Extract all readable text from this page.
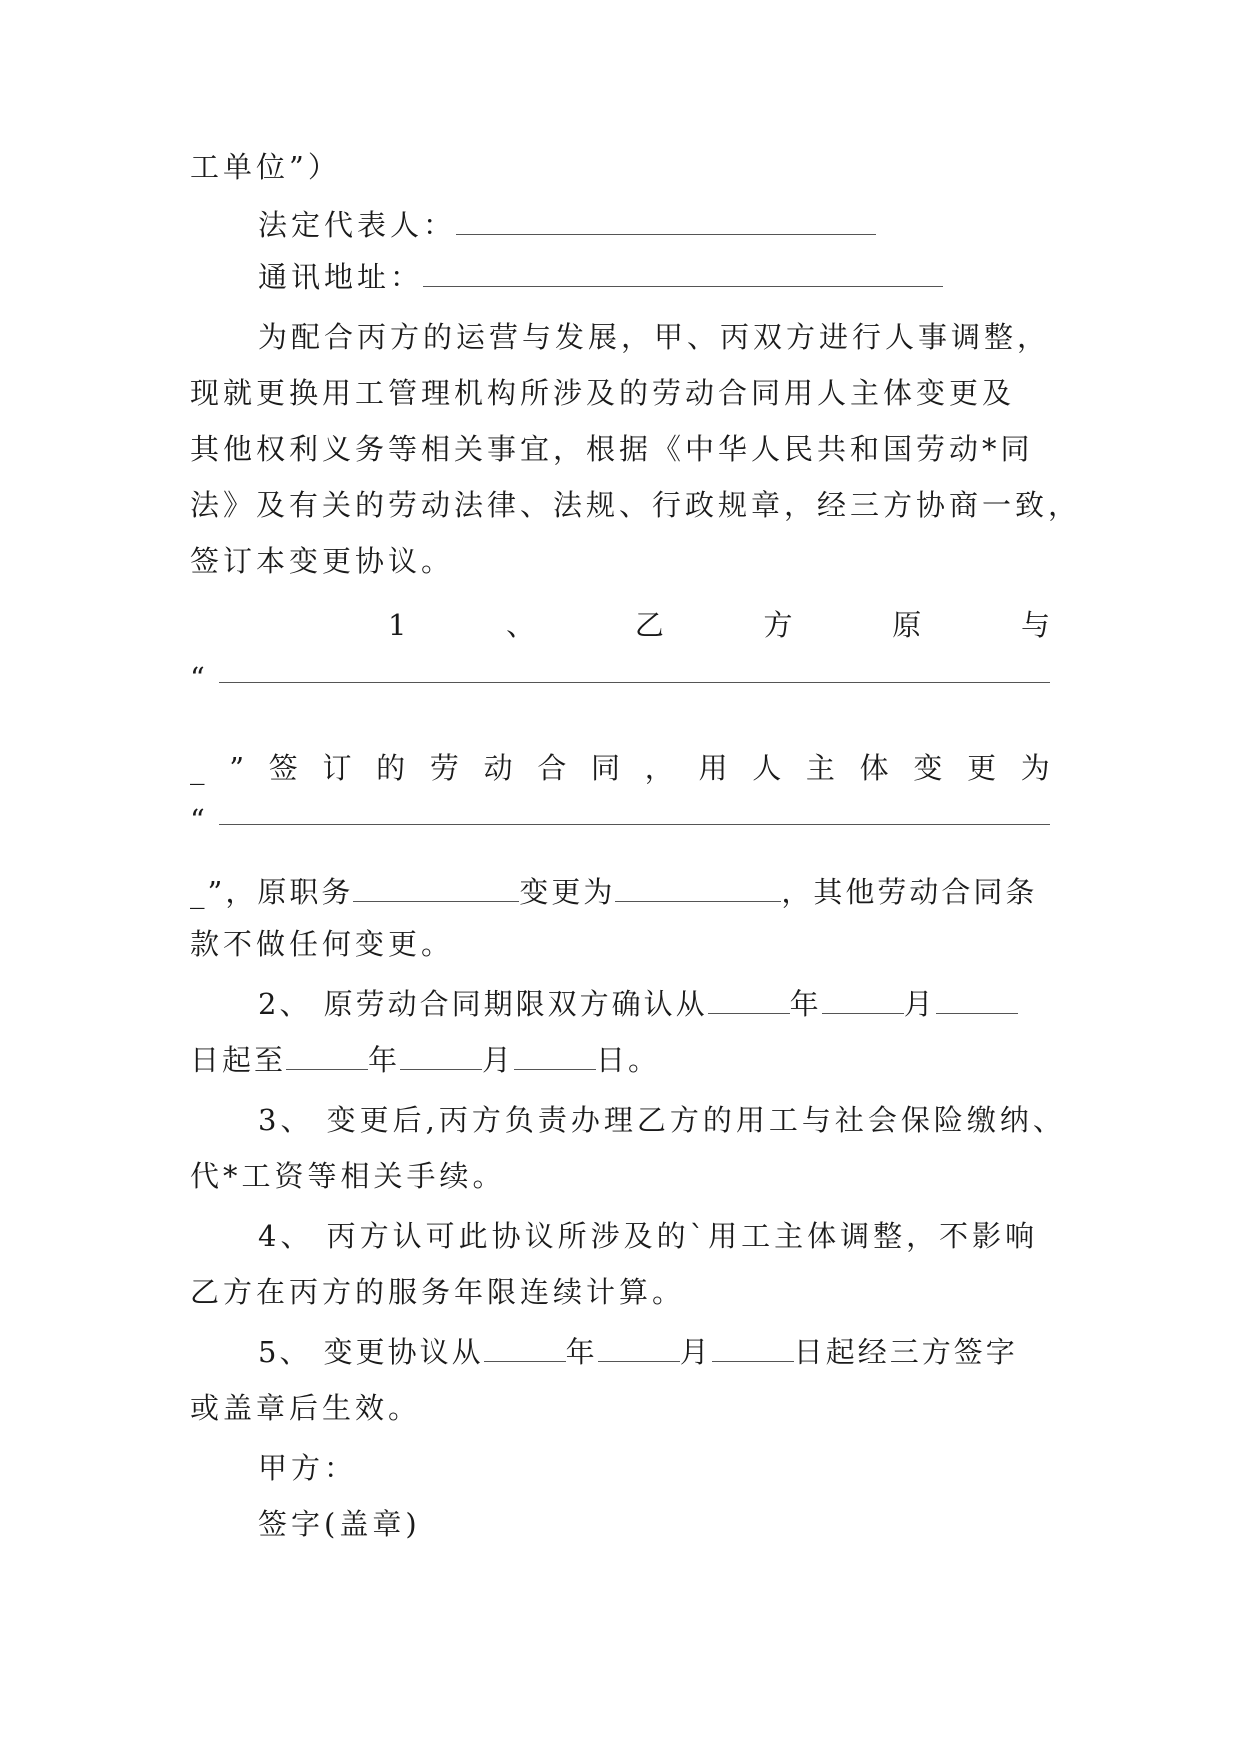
工单位”）
法定代表人：
通讯地址：
为配合丙方的运营与发展，甲、丙双方进行人事调整，
现就更换用工管理机构所涉及的劳动合同用人主体变更及
其他权利义务等相关事宜，根据《中华人民共和国劳动*同
法》及有关的劳动法律、法规、行政规章，经三方协商一致，
签订本变更协议。
1	、	乙	方	原	与
“
_ ” 签 订 的 劳 动 合 同 ， 用 人 主 体 变 更 为
“
_”，原职务	变更为	，其他劳动合同条
款不做任何变更。
2、 原劳动合同期限双方确认从	年	月
日起至	年	月	日。
3、 变更后,丙方负责办理乙方的用工与社会保险缴纳、
代*工资等相关手续。
4、 丙方认可此协议所涉及的`用工主体调整，不影响
乙方在丙方的服务年限连续计算。
5、 变更协议从	年	月	日起经三方签字
或盖章后生效。
甲方：
签字(盖章)
